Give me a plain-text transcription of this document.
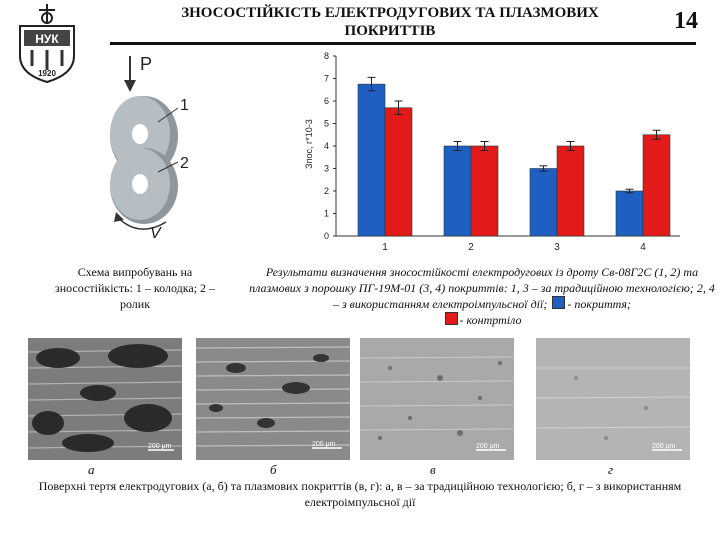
НУК
1920
ЗНОСОСТІЙКІСТЬ ЕЛЕКТРОДУГОВИХ ТА ПЛАЗМОВИХ ПОКРИТТІВ	14
P
1
2
V
Схема випробувань на зносостійкість: 1 – колодка; 2 – ролик
0
1
2
3
4
5
6
7
8
1	2	3	4
Зпос, г*10-3
Результати визначення зносостійкості електродугових із дроту Св-08Г2С (1, 2) та плазмових з порошку ПГ-19М-01 (3, 4) покриттів: 1, 3 – за традиційною технологією; 2, 4 – з використанням електроімпульсної дії; - покриття;
- контртіло
200 μm	200 μm	200 μm	200 μm
а	б	в	г
Поверхні тертя електродугових (а, б) та плазмових покриттів (в, г): а, в – за традиційною технологією; б, г – з використанням електроімпульсної дії
